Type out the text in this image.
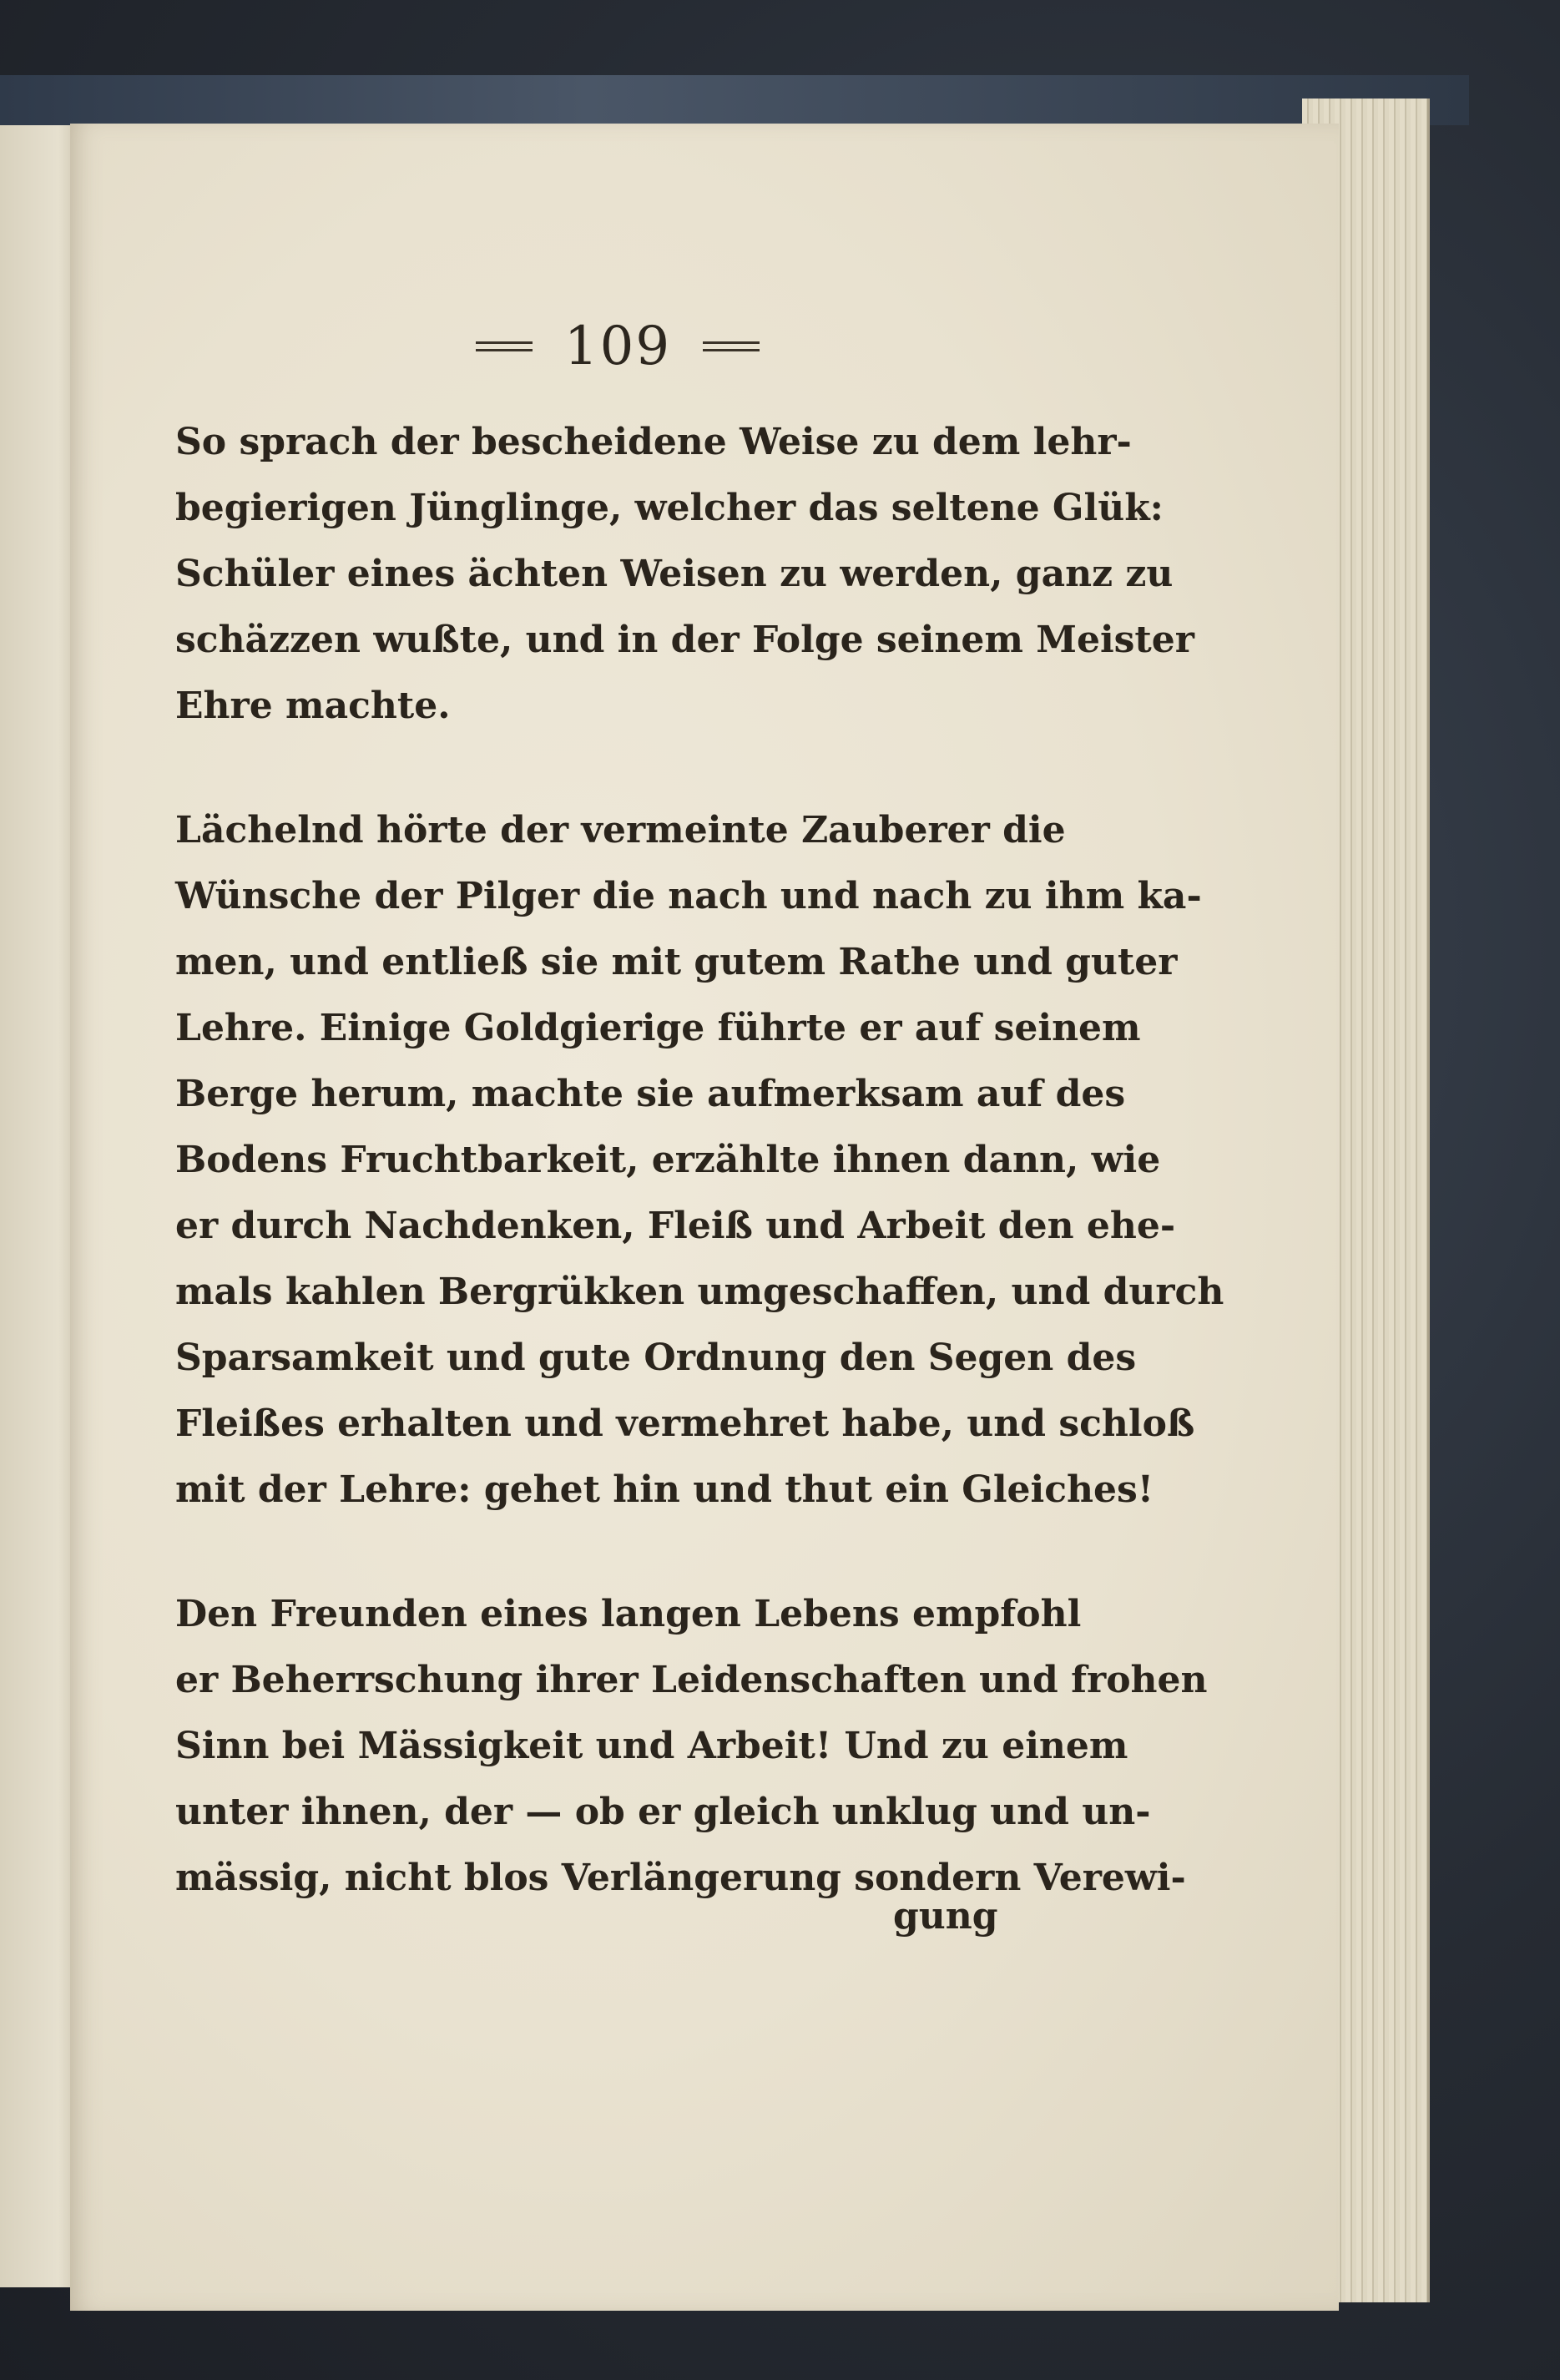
109
So sprach der bescheidene Weise zu dem lehr-
begierigen Jünglinge, welcher das seltene Glük:
Schüler eines ächten Weisen zu werden, ganz zu
schäzzen wußte, und in der Folge seinem Meister
Ehre machte.
Lächelnd hörte der vermeinte Zauberer die
Wünsche der Pilger die nach und nach zu ihm ka-
men, und entließ sie mit gutem Rathe und guter
Lehre. Einige Goldgierige führte er auf seinem
Berge herum, machte sie aufmerksam auf des
Bodens Fruchtbarkeit, erzählte ihnen dann, wie
er durch Nachdenken, Fleiß und Arbeit den ehe-
mals kahlen Bergrükken umgeschaffen, und durch
Sparsamkeit und gute Ordnung den Segen des
Fleißes erhalten und vermehret habe, und schloß
mit der Lehre: gehet hin und thut ein Gleiches!
Den Freunden eines langen Lebens empfohl
er Beherrschung ihrer Leidenschaften und frohen
Sinn bei Mässigkeit und Arbeit! Und zu einem
unter ihnen, der — ob er gleich unklug und un-
mässig, nicht blos Verlängerung sondern Verewi-
gung
